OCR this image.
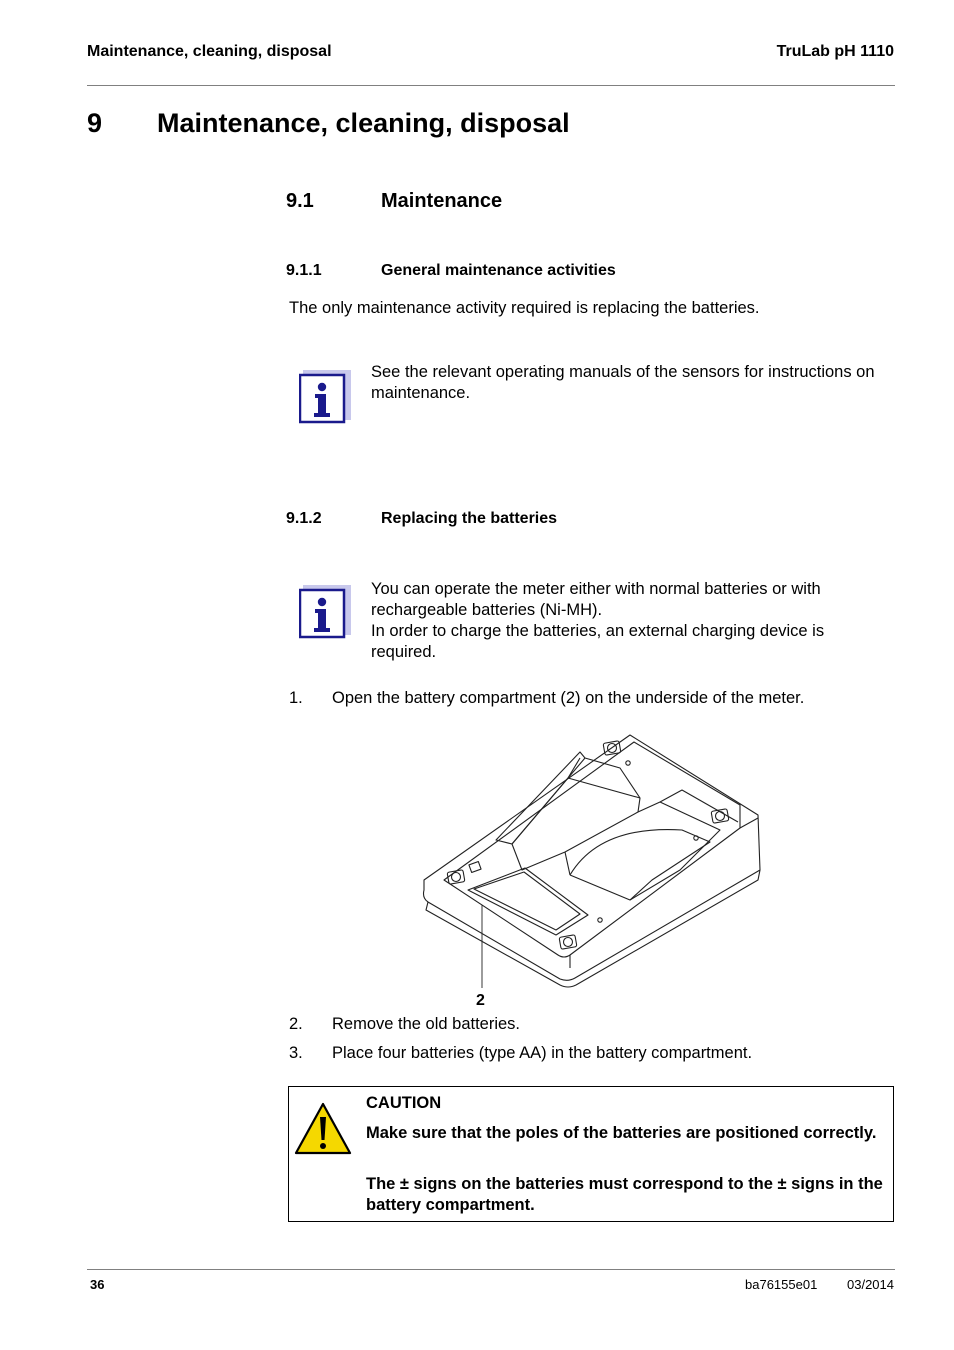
Maintenance, cleaning, disposal	TruLab pH 1110
9 Maintenance, cleaning, disposal
9.1	Maintenance
9.1.1	General maintenance activities
The only maintenance activity required is replacing the batteries.
See the relevant operating manuals of the sensors for instructions on maintenance.
9.1.2	Replacing the batteries
You can operate the meter either with normal batteries or with
rechargeable batteries (Ni-MH).
In order to charge the batteries, an external charging device is
required.
1. Open the battery compartment (2) on the underside of the meter.
2
2. Remove the old batteries.
3. Place four batteries (type AA) in the battery compartment.
CAUTION
Make sure that the poles of the batteries are positioned correctly.
The ± signs on the batteries must correspond to the ± signs in the battery compartment.
36	ba76155e01 03/2014
